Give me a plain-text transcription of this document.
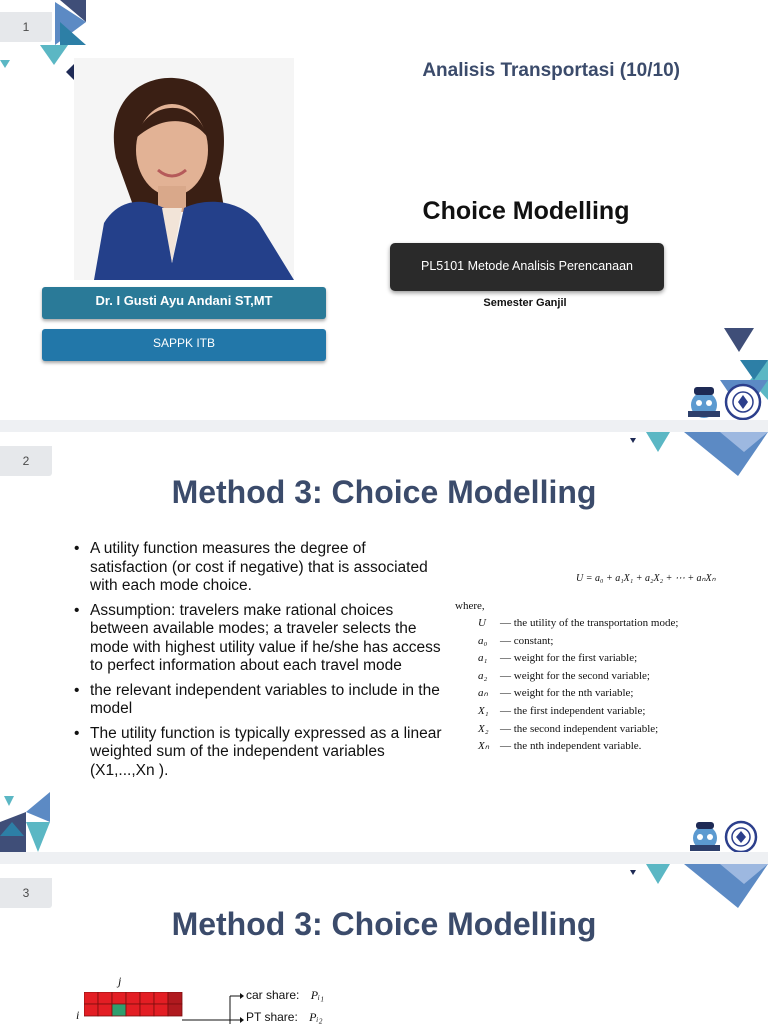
1
Analisis Transportasi (10/10)
Dr. I Gusti Ayu Andani ST,MT
SAPPK ITB
Choice Modelling
PL5101 Metode Analisis Perencanaan
Semester Ganjil
2
Method 3: Choice Modelling
• A utility function measures the degree of satisfaction (or cost if negative) that is associated with each mode choice.
• Assumption: travelers make rational choices between available modes; a traveler selects the mode with highest utility value if he/she has access to perfect information about each travel mode
• the relevant independent variables to include in the model
• The utility function is typically expressed as a linear weighted sum of the independent variables (X1,...,Xn ).
U = a₀ + a₁X₁ + a₂X₂ + ⋯ + aₙXₙ
where,
U — the utility of the transportation mode;
a₀ — constant;
a₁ — weight for the first variable;
a₂ — weight for the second variable;
aₙ — weight for the nth variable;
X₁ — the first independent variable;
X₂ — the second independent variable;
Xₙ — the nth independent variable.
3
Method 3: Choice Modelling
j
i
car share: Pᵢ₁
PT share: Pᵢ₂
